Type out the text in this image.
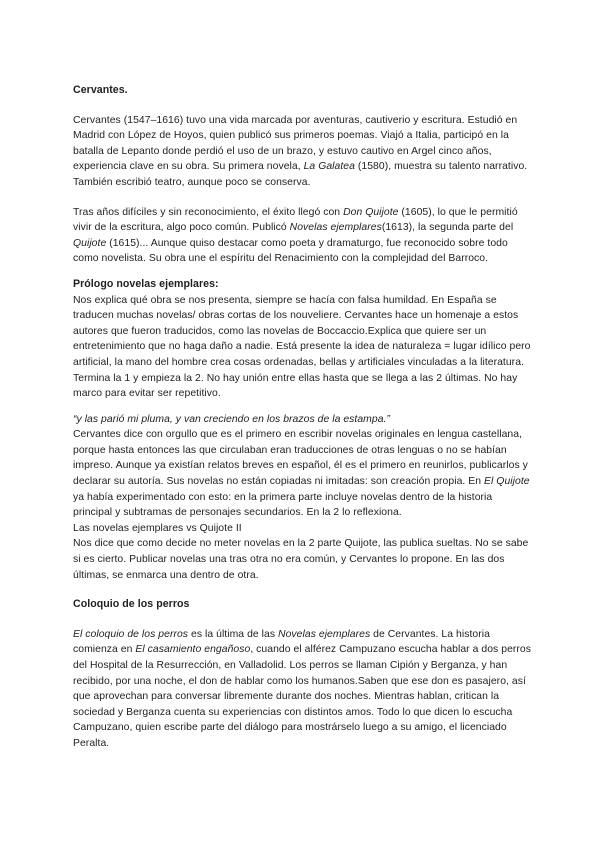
Cervantes.

Cervantes (1547–1616) tuvo una vida marcada por aventuras, cautiverio y escritura. Estudió en Madrid con López de Hoyos, quien publicó sus primeros poemas. Viajó a Italia, participó en la batalla de Lepanto donde perdió el uso de un brazo, y estuvo cautivo en Argel cinco años, experiencia clave en su obra. Su primera novela, La Galatea (1580), muestra su talento narrativo. También escribió teatro, aunque poco se conserva.

Tras años difíciles y sin reconocimiento, el éxito llegó con Don Quijote (1605), lo que le permitió vivir de la escritura, algo poco común. Publicó Novelas ejemplares(1613), la segunda parte del Quijote (1615)... Aunque quiso destacar como poeta y dramaturgo, fue reconocido sobre todo como novelista. Su obra une el espíritu del Renacimiento con la complejidad del Barroco.

Prólogo novelas ejemplares:

Nos explica qué obra se nos presenta, siempre se hacía con falsa humildad. En España se traducen muchas novelas/ obras cortas de los nouveliere. Cervantes hace un homenaje a estos autores que fueron traducidos, como las novelas de Boccaccio.Explica que quiere ser un entretenimiento que no haga daño a nadie. Está presente la idea de naturaleza = lugar idílico pero artificial, la mano del hombre crea cosas ordenadas, bellas y artificiales vinculadas a la literatura. Termina la 1 y empieza la 2. No hay unión entre ellas hasta que se llega a las 2 últimas. No hay marco para evitar ser repetitivo.

“y las parió mi pluma, y van creciendo en los brazos de la estampa.”

Cervantes dice con orgullo que es el primero en escribir novelas originales en lengua castellana, porque hasta entonces las que circulaban eran traducciones de otras lenguas o no se habían impreso. Aunque ya existían relatos breves en español, él es el primero en reunirlos, publicarlos y declarar su autoría. Sus novelas no están copiadas ni imitadas: son creación propia. En El Quijote ya había experimentado con esto: en la primera parte incluye novelas dentro de la historia principal y subtramas de personajes secundarios. En la 2 lo reflexiona.

Las novelas ejemplares vs Quijote II

Nos dice que como decide no meter novelas en la 2 parte Quijote, las publica sueltas. No se sabe si es cierto. Publicar novelas una tras otra no era común, y Cervantes lo propone. En las dos últimas, se enmarca una dentro de otra.

Coloquio de los perros

El coloquio de los perros es la última de las Novelas ejemplares de Cervantes. La historia comienza en El casamiento engañoso, cuando el alférez Campuzano escucha hablar a dos perros del Hospital de la Resurrección, en Valladolid. Los perros se llaman Cipión y Berganza, y han recibido, por una noche, el don de hablar como los humanos.Saben que ese don es pasajero, así que aprovechan para conversar libremente durante dos noches. Mientras hablan, critican la sociedad y Berganza cuenta su experiencias con distintos amos. Todo lo que dicen lo escucha Campuzano, quien escribe parte del diálogo para mostrárselo luego a su amigo, el licenciado Peralta.
